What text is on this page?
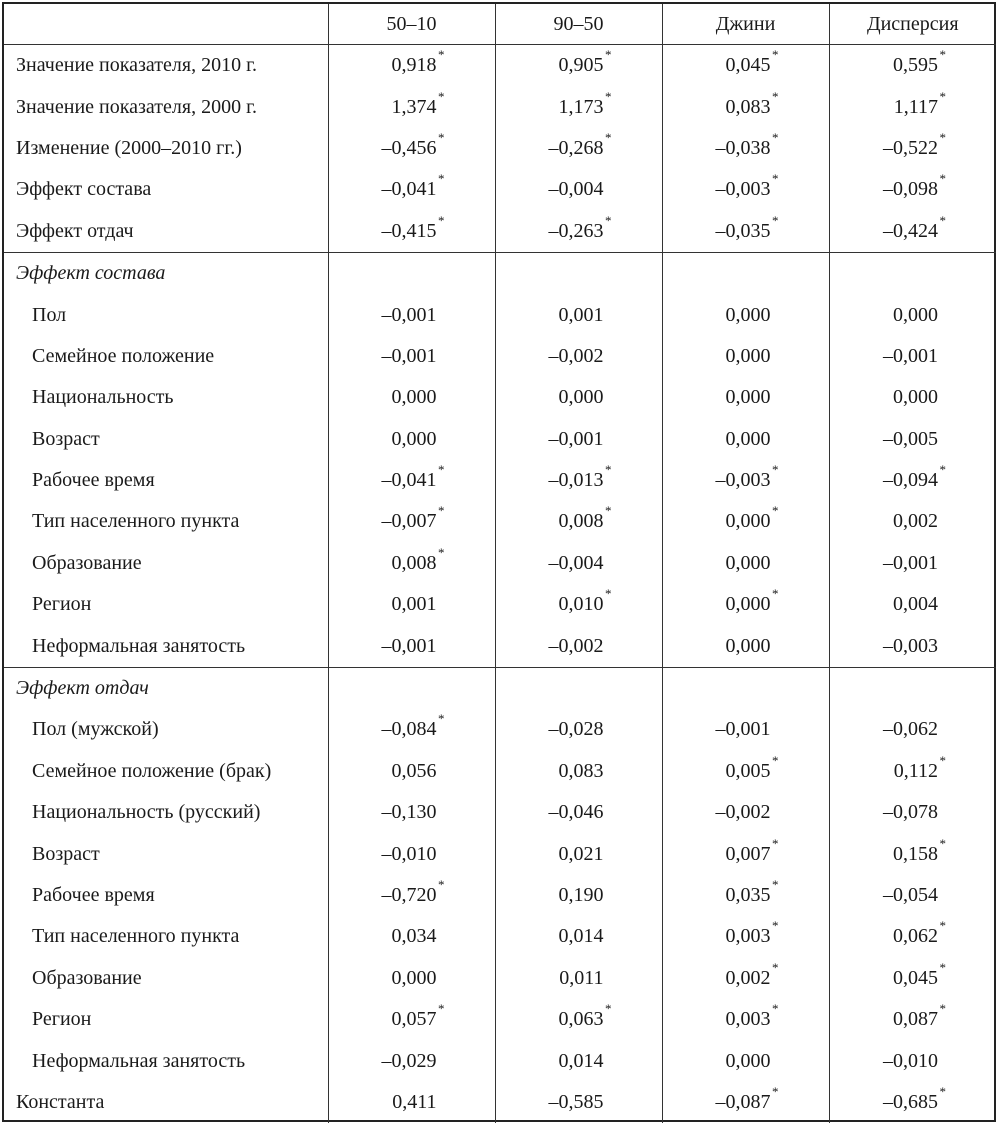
	50–10	90–50	Джини	Дисперсия
Значение показателя, 2010 г.	0,918 *	0,905 *	0,045 *	0,595 *

Значение показателя, 2000 г.	1,374 *	1,173 *	0,083 *	1,117 *

Изменение (2000–2010 гг.)	–0,456 *	–0,268 *	–0,038 *	–0,522 *

Эффект состава	–0,041 *	–0,004	–0,003 *	–0,098 *

Эффект отдач	–0,415 *	–0,263 *	–0,035 *	–0,424 *

Эффект состава				
Пол	–0,001	0,001	0,000	0,000
Семейное положение	–0,001	–0,002	0,000	–0,001
Национальность	0,000	0,000	0,000	0,000
Возраст	0,000	–0,001	0,000	–0,005
Рабочее время	–0,041 *	–0,013 *	–0,003 *	–0,094 *

Тип населенного пункта	–0,007 *	0,008 *	0,000 *	0,002
Образование	0,008 *	–0,004	0,000	–0,001
Регион	0,001	0,010 *	0,000 *	0,004
Неформальная занятость	–0,001	–0,002	0,000	–0,003
Эффект отдач				
Пол (мужской)	–0,084 *	–0,028	–0,001	–0,062
Семейное положение (брак)	0,056	0,083	0,005 *	0,112 *

Национальность (русский)	–0,130	–0,046	–0,002	–0,078
Возраст	–0,010	0,021	0,007 *	0,158 *

Рабочее время	–0,720 *	0,190	0,035 *	–0,054
Тип населенного пункта	0,034	0,014	0,003 *	0,062 *

Образование	0,000	0,011	0,002 *	0,045 *

Регион	0,057 *	0,063 *	0,003 *	0,087 *

Неформальная занятость	–0,029	0,014	0,000	–0,010
Константа	0,411	–0,585	–0,087 *	–0,685 *
